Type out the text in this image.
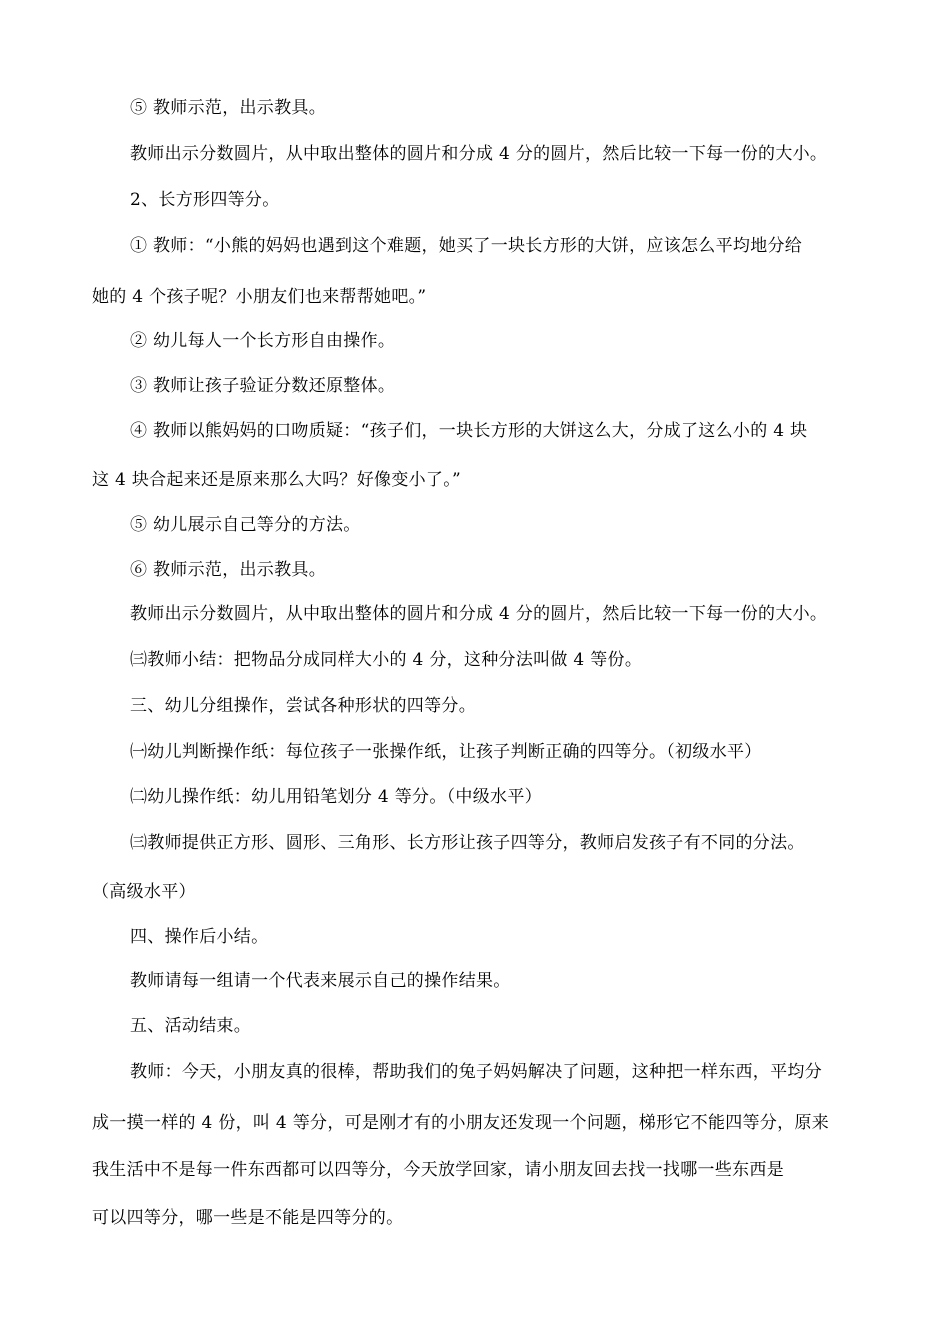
⑤ 教师示范，出示教具。

教师出示分数圆片，从中取出整体的圆片和分成 4 分的圆片，然后比较一下每一份的大小。

2、长方形四等分。

① 教师：“小熊的妈妈也遇到这个难题，她买了一块长方形的大饼，应该怎么平均地分给

她的 4 个孩子呢？小朋友们也来帮帮她吧。”

② 幼儿每人一个长方形自由操作。

③ 教师让孩子验证分数还原整体。

④ 教师以熊妈妈的口吻质疑：“孩子们，一块长方形的大饼这么大，分成了这么小的 4 块

这 4 块合起来还是原来那么大吗？好像变小了。”

⑤ 幼儿展示自己等分的方法。

⑥ 教师示范，出示教具。

教师出示分数圆片，从中取出整体的圆片和分成 4 分的圆片，然后比较一下每一份的大小。

㈢教师小结：把物品分成同样大小的 4 分，这种分法叫做 4 等份。

三、幼儿分组操作，尝试各种形状的四等分。

㈠幼儿判断操作纸：每位孩子一张操作纸，让孩子判断正确的四等分。（初级水平）

㈡幼儿操作纸：幼儿用铅笔划分 4 等分。（中级水平）

㈢教师提供正方形、圆形、三角形、长方形让孩子四等分，教师启发孩子有不同的分法。

（高级水平）

四、操作后小结。

教师请每一组请一个代表来展示自己的操作结果。

五、活动结束。

教师：今天，小朋友真的很棒，帮助我们的兔子妈妈解决了问题，这种把一样东西，平均分

成一摸一样的 4 份，叫 4 等分，可是刚才有的小朋友还发现一个问题，梯形它不能四等分，原来

我生活中不是每一件东西都可以四等分，今天放学回家，请小朋友回去找一找哪一些东西是

可以四等分，哪一些是不能是四等分的。
